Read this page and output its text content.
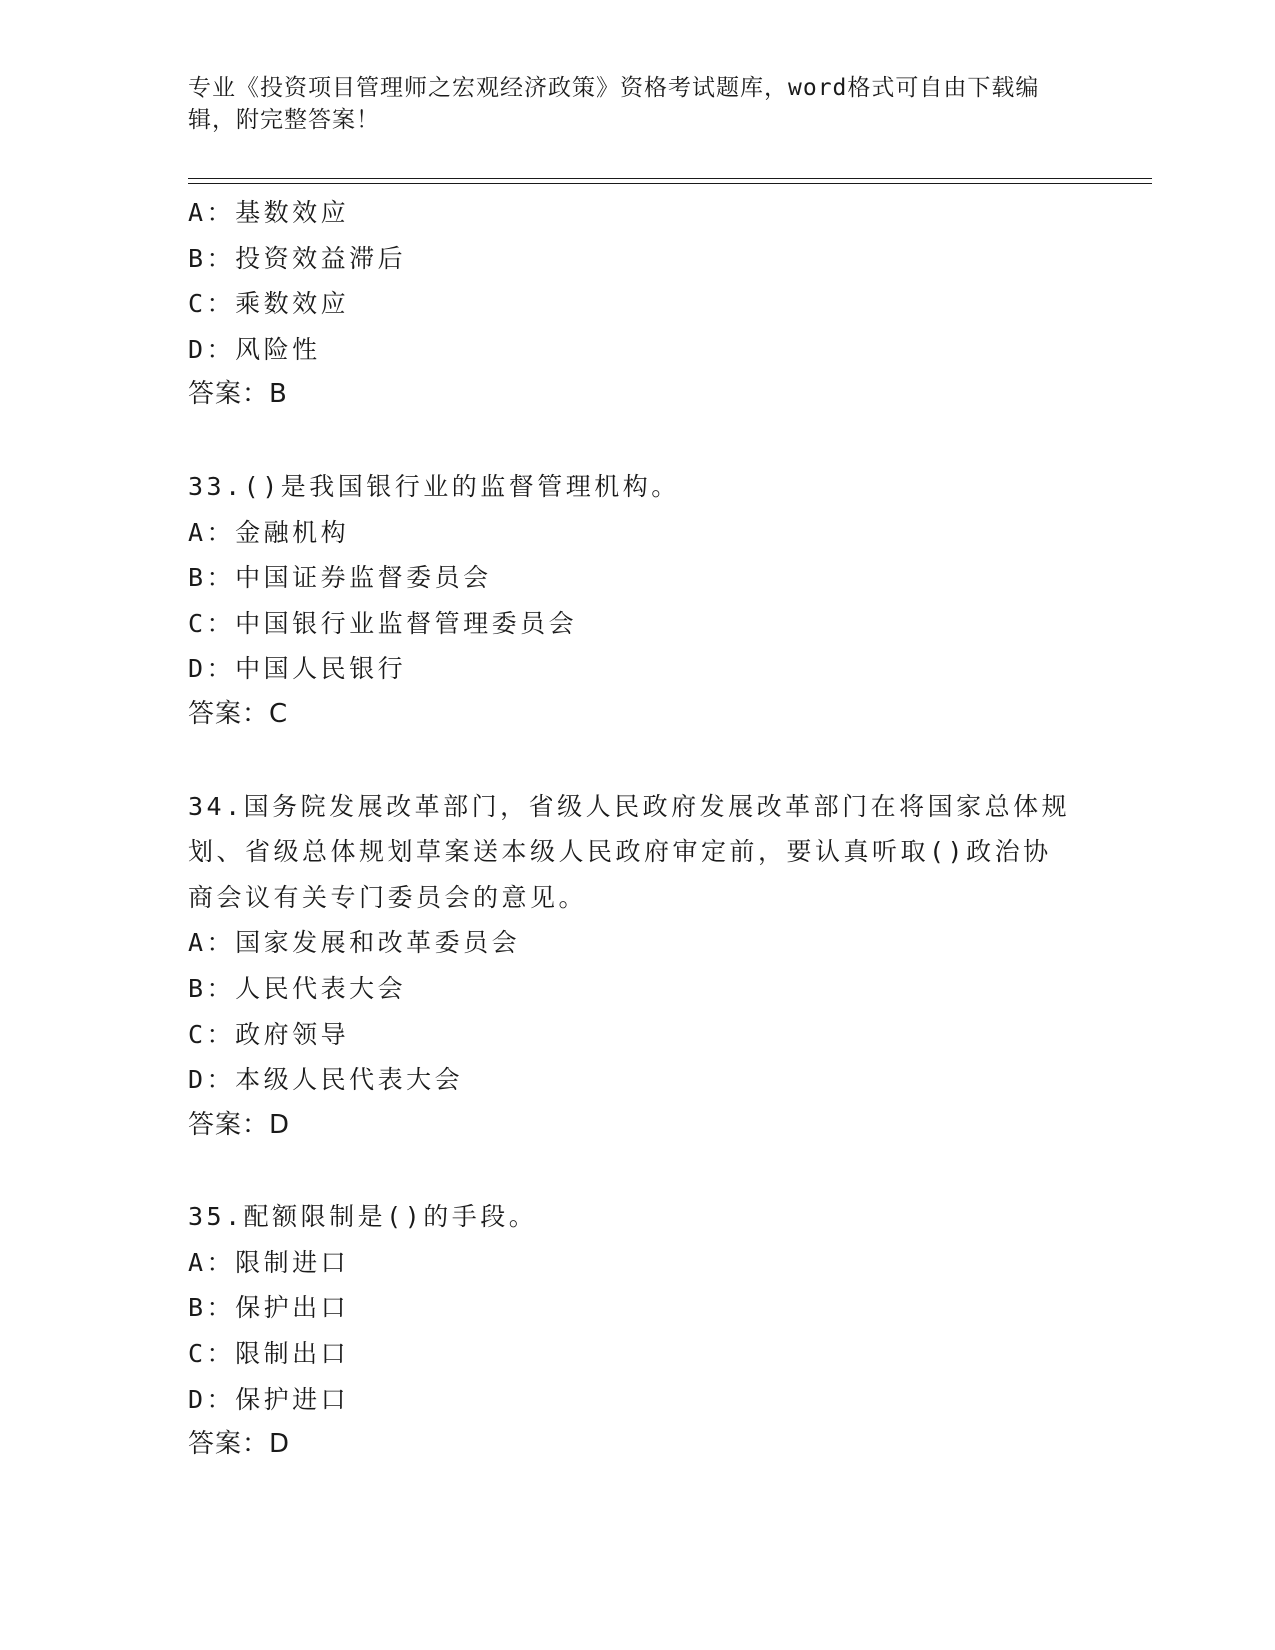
专业《投资项目管理师之宏观经济政策》资格考试题库，word格式可自由下载编
辑，附完整答案！
A：基数效应
B：投资效益滞后
C：乘数效应
D：风险性
答案：B
33.()是我国银行业的监督管理机构。
A：金融机构
B：中国证券监督委员会
C：中国银行业监督管理委员会
D：中国人民银行
答案：C
34.国务院发展改革部门，省级人民政府发展改革部门在将国家总体规
划、省级总体规划草案送本级人民政府审定前，要认真听取()政治协
商会议有关专门委员会的意见。
A：国家发展和改革委员会
B：人民代表大会
C：政府领导
D：本级人民代表大会
答案：D
35.配额限制是()的手段。
A：限制进口
B：保护出口
C：限制出口
D：保护进口
答案：D
